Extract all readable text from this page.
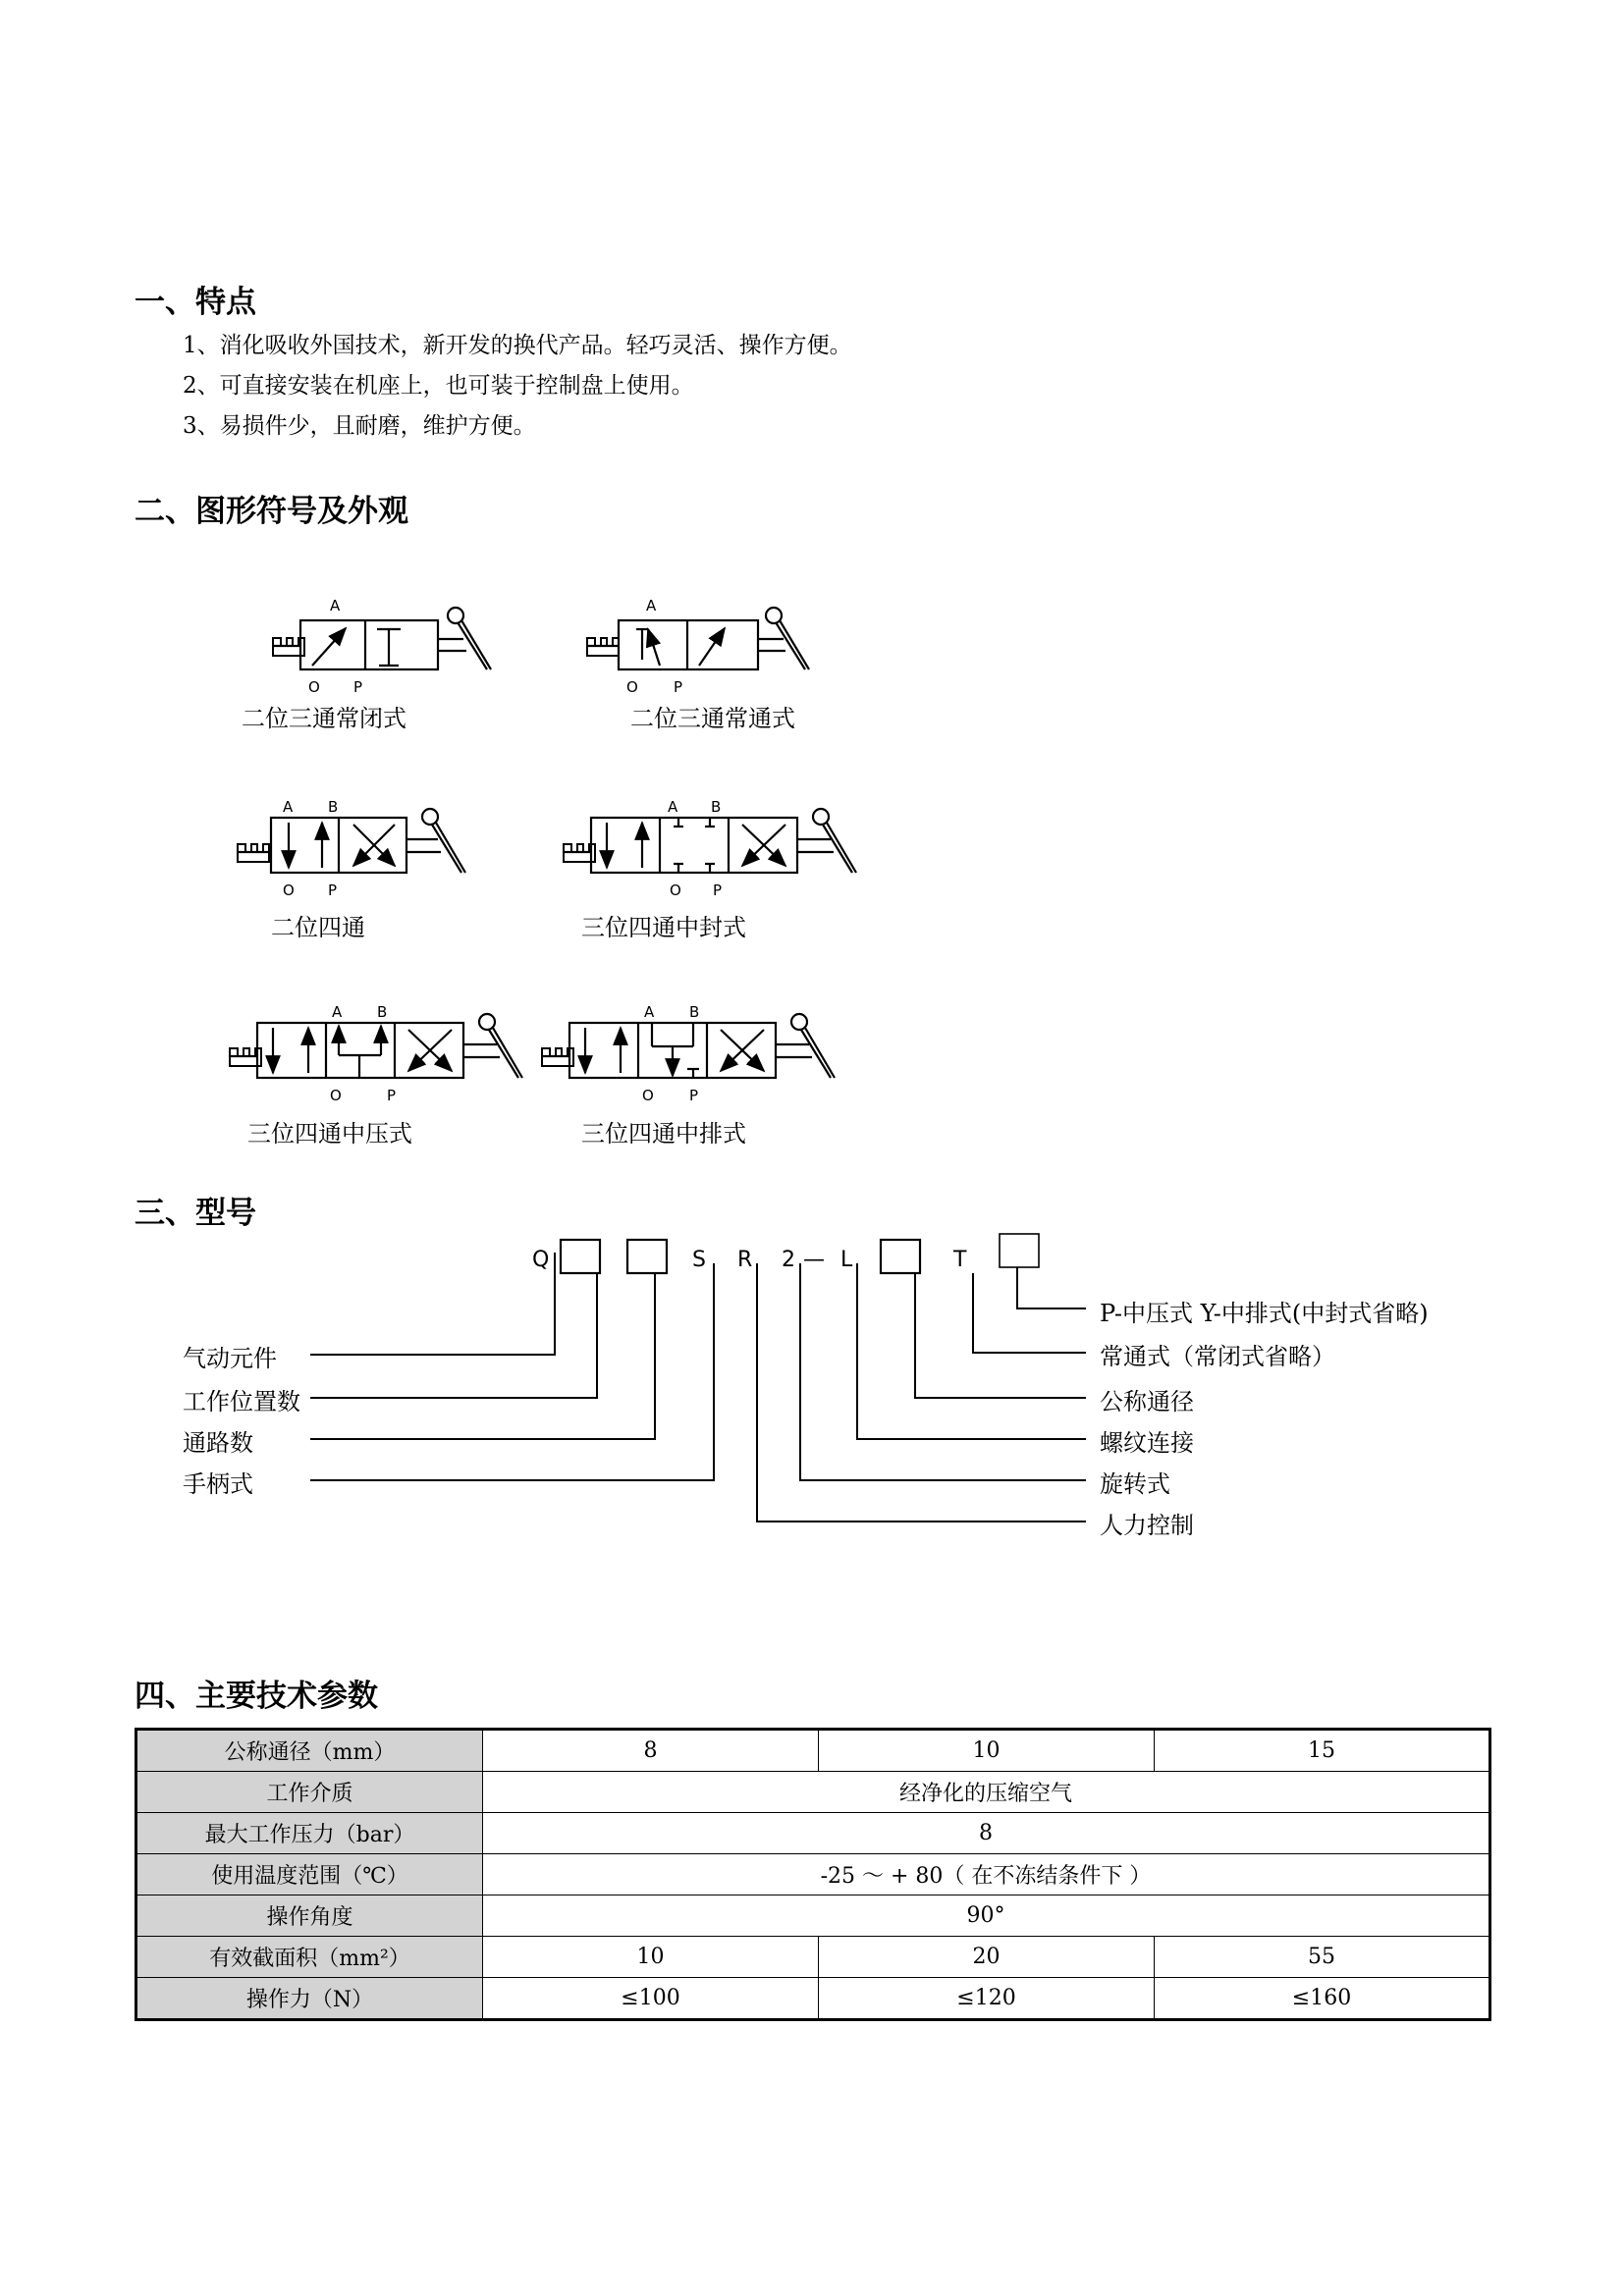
一、特点
1、消化吸收外国技术，新开发的换代产品。轻巧灵活、操作方便。
2、可直接安装在机座上，也可装于控制盘上使用。
3、易损件少，且耐磨，维护方便。
二、图形符号及外观
A
O P
A
O P
A B
O P
A B
O P
A B
O	P
A B
O P
二位三通常闭式	二位三通常通式
二位四通	三位四通中封式
三位四通中压式	三位四通中排式
三、型号
Q	S R 2 — L	T
气动元件
工作位置数
通路数
手柄式
P-中压式 Y-中排式(中封式省略)
常通式（常闭式省略）
公称通径
螺纹连接
旋转式
人力控制
四、主要技术参数
公称通径（mm）	8	10	15
工作介质	经净化的压缩空气		
最大工作压力（bar）	8		
使用温度范围（℃）	-25 ～ + 80（ 在不冻结条件下 ）		
操作角度	90°		
有效截面积（mm²）	10	20	55
操作力（N）	≤100	≤120	≤160
